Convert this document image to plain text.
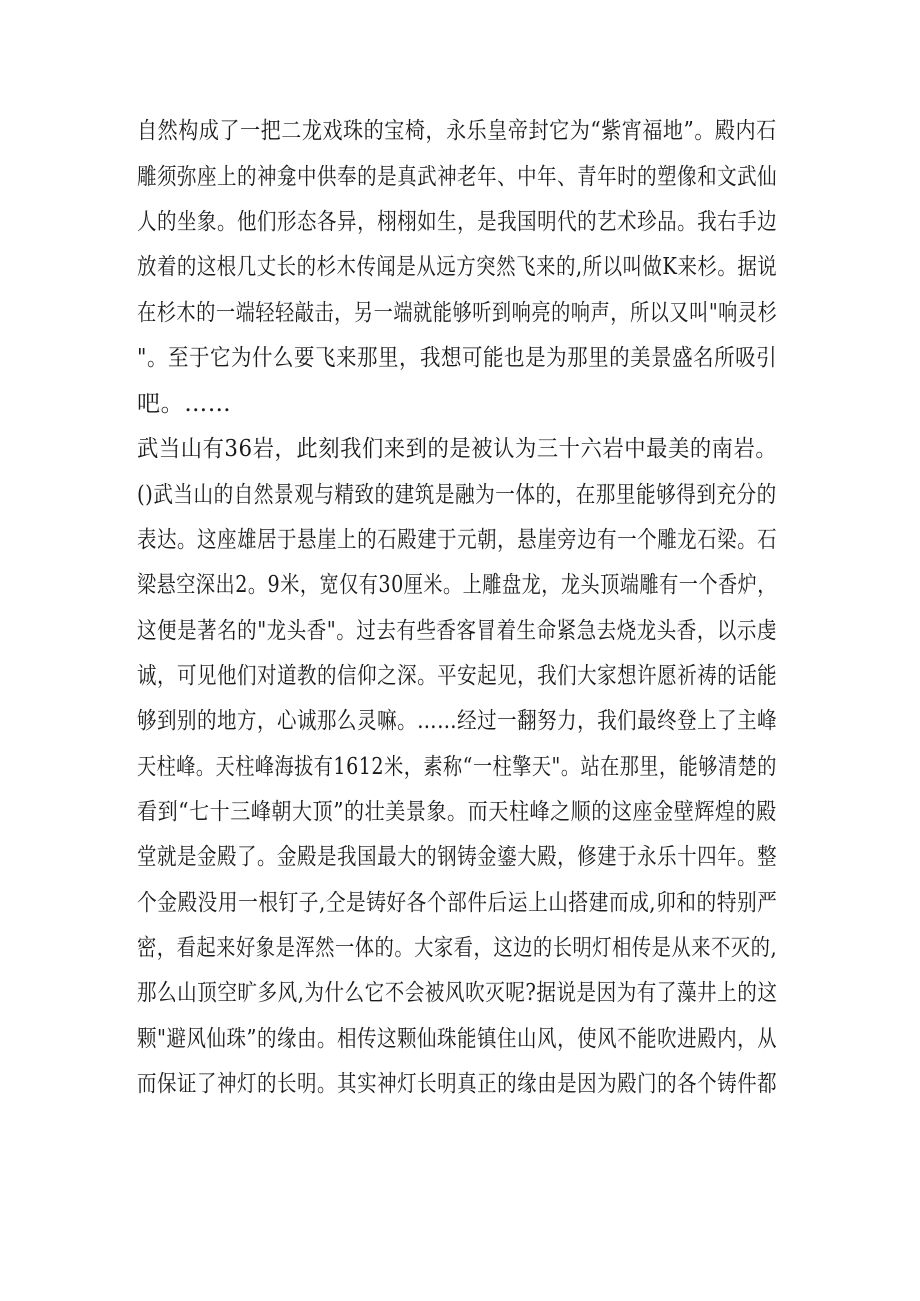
自然构成了一把二龙戏珠的宝椅，永乐皇帝封它为“紫宵福地”。殿内石
雕须弥座上的神龛中供奉的是真武神老年、中年、青年时的塑像和文武仙
人的坐象。他们形态各异，栩栩如生，是我国明代的艺术珍品。我右手边
放着的这根几丈长的杉木传闻是从远方突然飞来的,所以叫做K来杉。据说
在杉木的一端轻轻敲击，另一端就能够听到响亮的响声，所以又叫"响灵杉
"。至于它为什么要飞来那里，我想可能也是为那里的美景盛名所吸引
吧。……
武当山有36岩，此刻我们来到的是被认为三十六岩中最美的南岩。
()武当山的自然景观与精致的建筑是融为一体的，在那里能够得到充分的
表达。这座雄居于悬崖上的石殿建于元朝，悬崖旁边有一个雕龙石梁。石
梁悬空深出2。9米，宽仅有30厘米。上雕盘龙，龙头顶端雕有一个香炉，
这便是著名的"龙头香"。过去有些香客冒着生命紧急去烧龙头香，以示虔
诚，可见他们对道教的信仰之深。平安起见，我们大家想许愿祈祷的话能
够到别的地方，心诚那么灵嘛。……经过一翻努力，我们最终登上了主峰
天柱峰。天柱峰海拔有1612米，素称“一柱擎天"。站在那里，能够清楚的
看到“七十三峰朝大顶”的壮美景象。而天柱峰之顺的这座金壁辉煌的殿
堂就是金殿了。金殿是我国最大的钢铸金鎏大殿，修建于永乐十四年。整
个金殿没用一根钉子,仝是铸好各个部件后运上山搭建而成,卯和的特别严
密，看起来好象是浑然一体的。大家看，这边的长明灯相传是从来不灭的,
那么山顶空旷多风,为什么它不会被风吹灭呢?据说是因为有了藻井上的这
颗"避风仙珠”的缘由。相传这颗仙珠能镇住山风，使风不能吹进殿内，从
而保证了神灯的长明。其实神灯长明真正的缘由是因为殿门的各个铸件都
